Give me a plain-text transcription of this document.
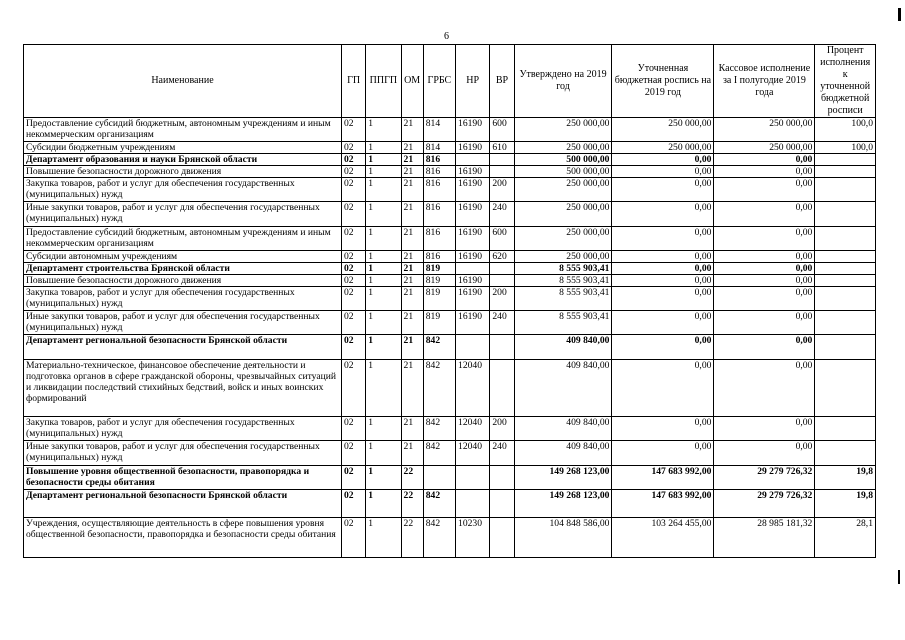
6
Наименование	ГП	ППГП	ОМ	ГРБС	НР	ВР	Утверждено на 2019 год	Уточненная бюджетная роспись на 2019 год	Кассовое исполнение за I полугодие 2019 года	Процент исполнения к уточненной бюджетной росписи
Предоставление субсидий бюджетным, автономным учреждениям и иным некоммерческим организациям	02	1	21	814	16190	600	250 000,00	250 000,00	250 000,00	100,0
Субсидии бюджетным учреждениям	02	1	21	814	16190	610	250 000,00	250 000,00	250 000,00	100,0
Департамент образования и науки Брянской области	02	1	21	816			500 000,00	0,00	0,00	
Повышение безопасности дорожного движения	02	1	21	816	16190		500 000,00	0,00	0,00	
Закупка товаров, работ и услуг для обеспечения государственных (муниципальных) нужд	02	1	21	816	16190	200	250 000,00	0,00	0,00	
Иные закупки товаров, работ и услуг для обеспечения государственных (муниципальных) нужд	02	1	21	816	16190	240	250 000,00	0,00	0,00	
Предоставление субсидий бюджетным, автономным учреждениям и иным некоммерческим организациям	02	1	21	816	16190	600	250 000,00	0,00	0,00	
Субсидии автономным учреждениям	02	1	21	816	16190	620	250 000,00	0,00	0,00	
Департамент строительства Брянской области	02	1	21	819			8 555 903,41	0,00	0,00	
Повышение безопасности дорожного движения	02	1	21	819	16190		8 555 903,41	0,00	0,00	
Закупка товаров, работ и услуг для обеспечения государственных (муниципальных) нужд	02	1	21	819	16190	200	8 555 903,41	0,00	0,00	
Иные закупки товаров, работ и услуг для обеспечения государственных (муниципальных) нужд	02	1	21	819	16190	240	8 555 903,41	0,00	0,00	
Департамент региональной безопасности Брянской области	02	1	21	842			409 840,00	0,00	0,00	
Материально-техническое, финансовое обеспечение деятельности и подготовка органов в сфере гражданской обороны, чрезвычайных ситуаций и ликвидации последствий стихийных бедствий, войск и иных воинских формирований	02	1	21	842	12040		409 840,00	0,00	0,00	
Закупка товаров, работ и услуг для обеспечения государственных (муниципальных) нужд	02	1	21	842	12040	200	409 840,00	0,00	0,00	
Иные закупки товаров, работ и услуг для обеспечения государственных (муниципальных) нужд	02	1	21	842	12040	240	409 840,00	0,00	0,00	
Повышение уровня общественной безопасности, правопорядка и безопасности среды обитания	02	1	22				149 268 123,00	147 683 992,00	29 279 726,32	19,8
Департамент региональной безопасности Брянской области	02	1	22	842			149 268 123,00	147 683 992,00	29 279 726,32	19,8
Учреждения, осуществляющие деятельность в сфере повышения уровня общественной безопасности, правопорядка и безопасности среды обитания	02	1	22	842	10230		104 848 586,00	103 264 455,00	28 985 181,32	28,1
